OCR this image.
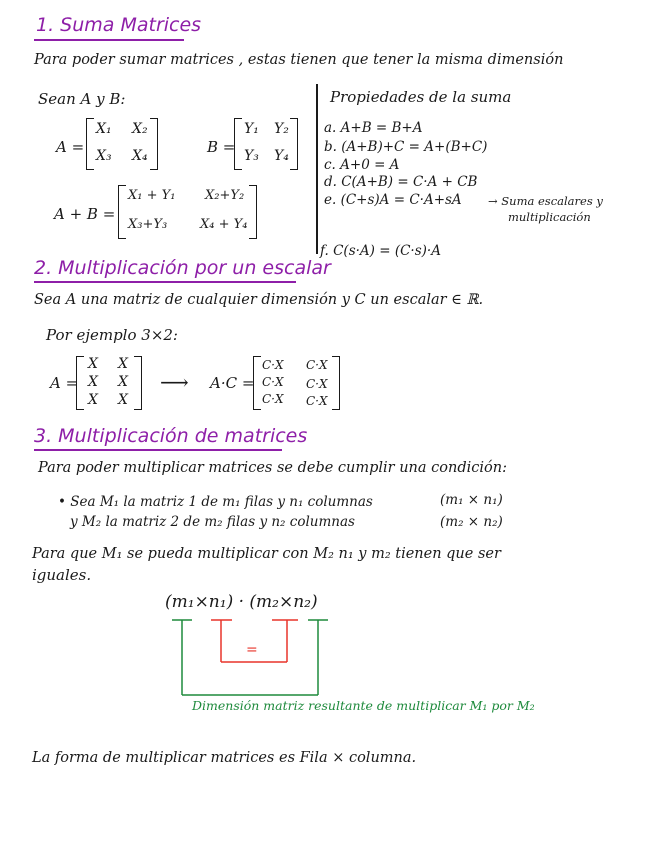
1. Suma Matrices
Para poder sumar matrices , estas tienen que tener la misma dimensión
Sean A y B:
A =
X₁ X₂
X₃ X₄	B =
Y₁ Y₂
Y₃ Y₄
A + B =
X₁ + Y₁ X₂+Y₂
X₃+Y₃	X₄ + Y₄
Propiedades de la suma
a. A+B = B+A
b. (A+B)+C = A+(B+C)
c. A+0 = A
d. C(A+B) = C·A + CB
e. (C+s)A = C·A+sA
f. C(s·A) = (C·s)·A
→ Suma escalares y
multiplicación
2. Multiplicación por un escalar
Sea A una matriz de cualquier dimensión y C un escalar ∈ ℝ.
Por ejemplo 3×2:
A =
X X
X X
X X
⟶ A·C =
C·X C·X
C·X C·X
C·X C·X
3. Multiplicación de matrices
Para poder multiplicar matrices se debe cumplir una condición:
• Sea M₁ la matriz 1 de m₁ filas y n₁ columnas	(m₁ × n₁)
y M₂ la matriz 2 de m₂ filas y n₂ columnas	(m₂ × n₂)
Para que M₁ se pueda multiplicar con M₂ n₁ y m₂ tienen que ser
iguales.
(m₁×n₁) · (m₂×n₂)
=
Dimensión matriz resultante de multiplicar M₁ por M₂
La forma de multiplicar matrices es Fila × columna.
